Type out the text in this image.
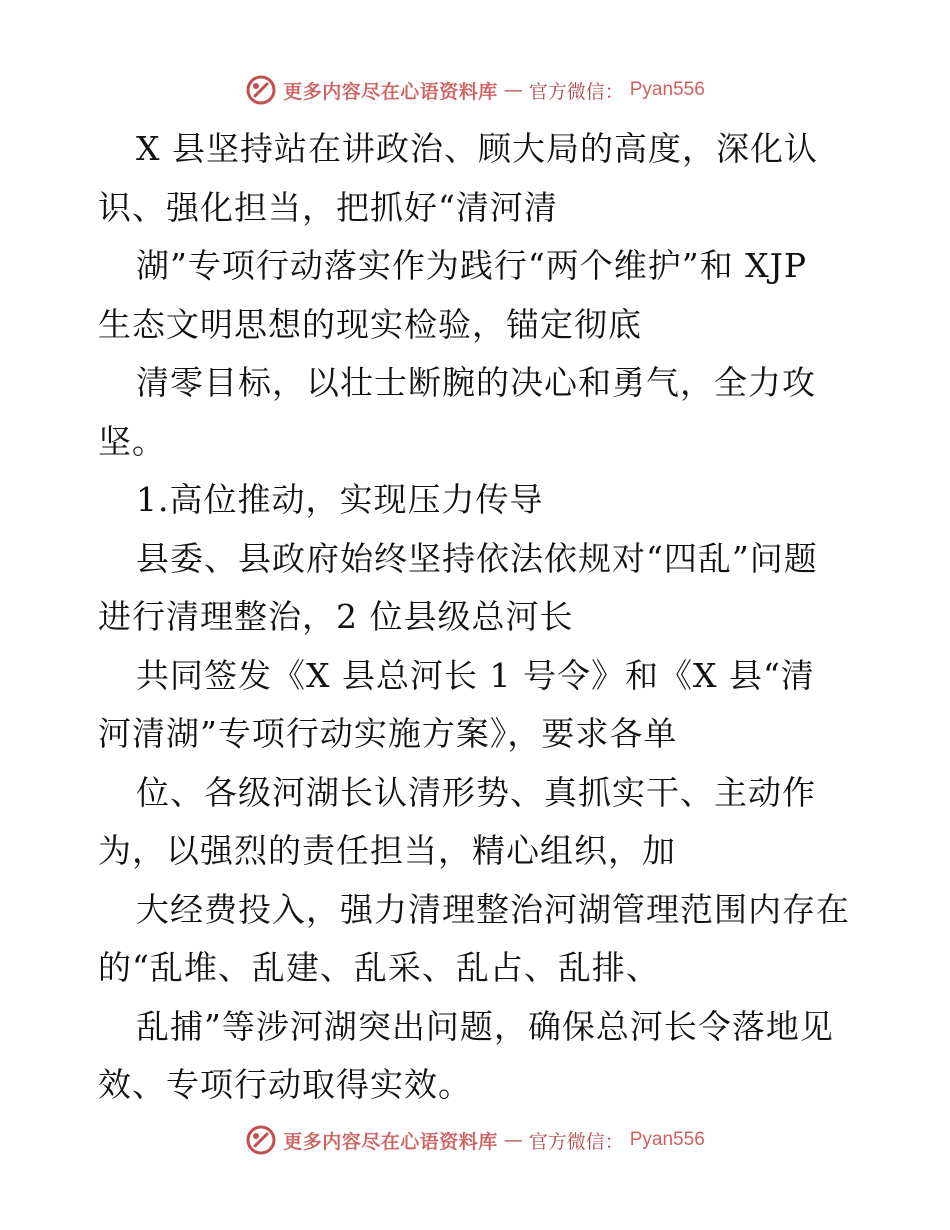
更多内容尽在心语资料库 — 官方微信： Pyan556
X 县坚持站在讲政治、顾大局的高度，深化认
识、强化担当，把抓好“清河清
湖”专项行动落实作为践行“两个维护”和 XJP
生态文明思想的现实检验，锚定彻底
清零目标，以壮士断腕的决心和勇气，全力攻
坚。
1.高位推动，实现压力传导
县委、县政府始终坚持依法依规对“四乱”问题
进行清理整治，2 位县级总河长
共同签发《X 县总河长 1 号令》和《X 县“清
河清湖”专项行动实施方案》，要求各单
位、各级河湖长认清形势、真抓实干、主动作
为，以强烈的责任担当，精心组织，加
大经费投入，强力清理整治河湖管理范围内存在
的“乱堆、乱建、乱采、乱占、乱排、
乱捕”等涉河湖突出问题，确保总河长令落地见
效、专项行动取得实效。
更多内容尽在心语资料库 — 官方微信： Pyan556
